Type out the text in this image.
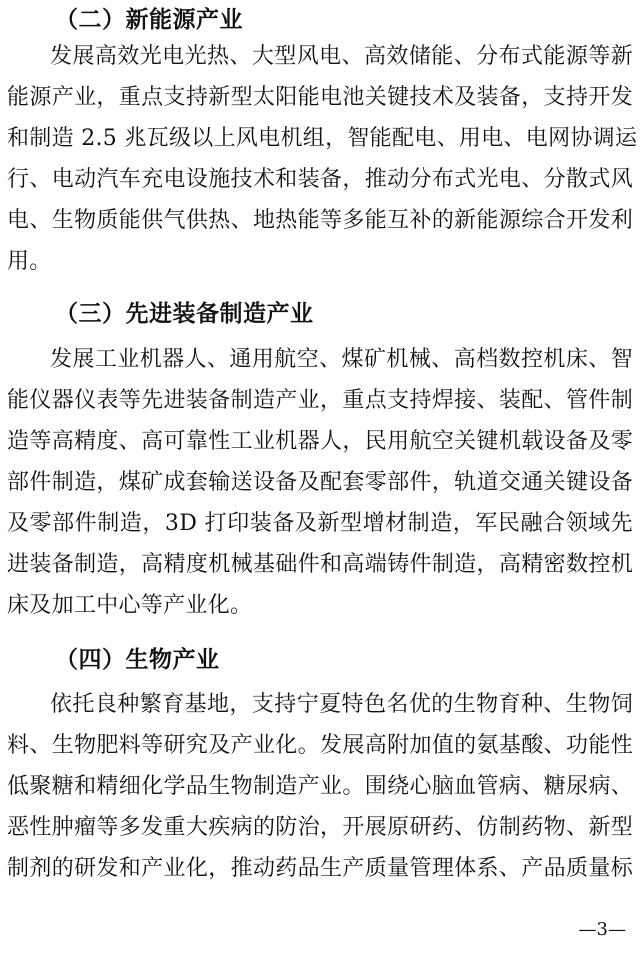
（二）新能源产业
发展高效光电光热、大型风电、高效储能、分布式能源等新
能源产业，重点支持新型太阳能电池关键技术及装备，支持开发
和制造 2.5 兆瓦级以上风电机组，智能配电、用电、电网协调运
行、电动汽车充电设施技术和装备，推动分布式光电、分散式风
电、生物质能供气供热、地热能等多能互补的新能源综合开发利
用。
（三）先进装备制造产业
发展工业机器人、通用航空、煤矿机械、高档数控机床、智
能仪器仪表等先进装备制造产业，重点支持焊接、装配、管件制
造等高精度、高可靠性工业机器人，民用航空关键机载设备及零
部件制造，煤矿成套输送设备及配套零部件，轨道交通关键设备
及零部件制造，3D 打印装备及新型增材制造，军民融合领域先
进装备制造，高精度机械基础件和高端铸件制造，高精密数控机
床及加工中心等产业化。
（四）生物产业
依托良种繁育基地，支持宁夏特色名优的生物育种、生物饲
料、生物肥料等研究及产业化。发展高附加值的氨基酸、功能性
低聚糖和精细化学品生物制造产业。围绕心脑血管病、糖尿病、
恶性肿瘤等多发重大疾病的防治，开展原研药、仿制药物、新型
制剂的研发和产业化，推动药品生产质量管理体系、产品质量标
—3—
